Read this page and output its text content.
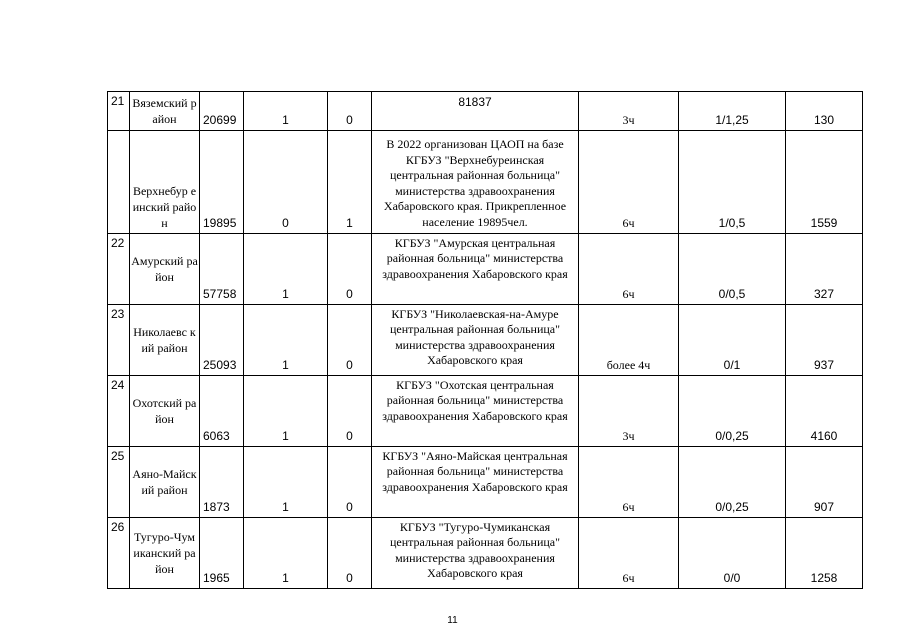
21	Вяземский район	20699	1	0	81837	3ч	1/1,25	130
	Верхнебур еинский район	19895	0	1	В 2022 организован ЦАОП на базе КГБУЗ "Верхнебуреинская центральная районная больница" министерства здравоохранения Хабаровского края. Прикрепленное население 19895чел.	6ч	1/0,5	1559
22	Амурский район	57758	1	0	КГБУЗ "Амурская центральная районная больница" министерства здравоохранения Хабаровского края	6ч	0/0,5	327
23	Николаевс кий район	25093	1	0	КГБУЗ "Николаевская-на-Амуре центральная районная больница" министерства здравоохранения Хабаровского края	более 4ч	0/1	937
24	Охотский район	6063	1	0	КГБУЗ "Охотская центральная районная больница" министерства здравоохранения Хабаровского края	3ч	0/0,25	4160
25	Аяно-Майский район	1873	1	0	КГБУЗ "Аяно-Майская центральная районная больница" министерства здравоохранения Хабаровского края	6ч	0/0,25	907
26	Тугуро-Чумиканский район	1965	1	0	КГБУЗ "Тугуро-Чумиканская центральная районная больница" министерства здравоохранения Хабаровского края	6ч	0/0	1258
11
